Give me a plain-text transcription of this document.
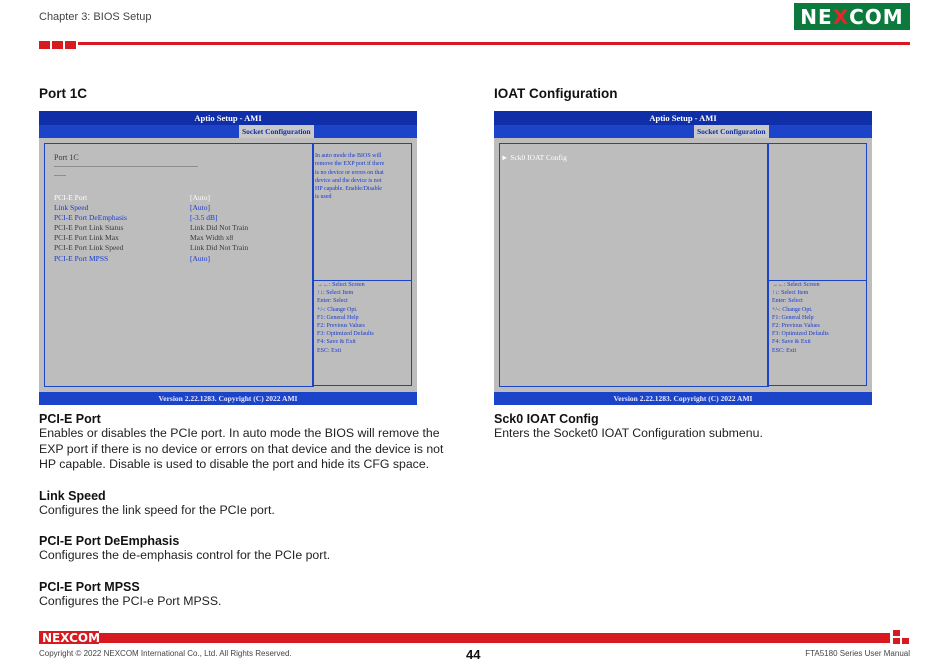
Chapter 3: BIOS Setup	NE X COM
Port 1C
Aptio Setup - AMI
Socket Configuration
Port 1C
------------------------------------------------------------------------
------
PCI-E Port	[Auto]
Link Speed	[Auto]
PCI-E Port DeEmphasis	[-3.5 dB]
PCI-E Port Link Status	Link Did Not Train
PCI-E Port Link Max	Max Width x8
PCI-E Port Link Speed	Link Did Not Train
PCI-E Port MPSS	[Auto]
In auto mode the BIOS will remove the EXP port if there is no device or errors on that device and the device is not HP capable. Enable/Disable is used
→←: Select Screen
↑↓: Select Item
Enter: Select
+/-: Change Opt.
F1: General Help
F2: Previous Values
F3: Optimized Defaults
F4: Save & Exit
ESC: Exit
Version 2.22.1283. Copyright (C) 2022 AMI
PCI-E Port
Enables or disables the PCIe port. In auto mode the BIOS will remove the
EXP port if there is no device or errors on that device and the device is not
HP capable. Disable is used to disable the port and hide its CFG space.
Link Speed
Configures the link speed for the PCIe port.
PCI-E Port DeEmphasis
Configures the de-emphasis control for the PCIe port.
PCI-E Port MPSS
Configures the PCI-e Port MPSS.
IOAT Configuration
Aptio Setup - AMI
Socket Configuration
► Sck0 IOAT Config
→←: Select Screen
↑↓: Select Item
Enter: Select
+/-: Change Opt.
F1: General Help
F2: Previous Values
F3: Optimized Defaults
F4: Save & Exit
ESC: Exit
Version 2.22.1283. Copyright (C) 2022 AMI
Sck0 IOAT Config
Enters the Socket0 IOAT Configuration submenu.
NEXCOM
Copyright © 2022 NEXCOM International Co., Ltd. All Rights Reserved.	44	FTA5180 Series User Manual
